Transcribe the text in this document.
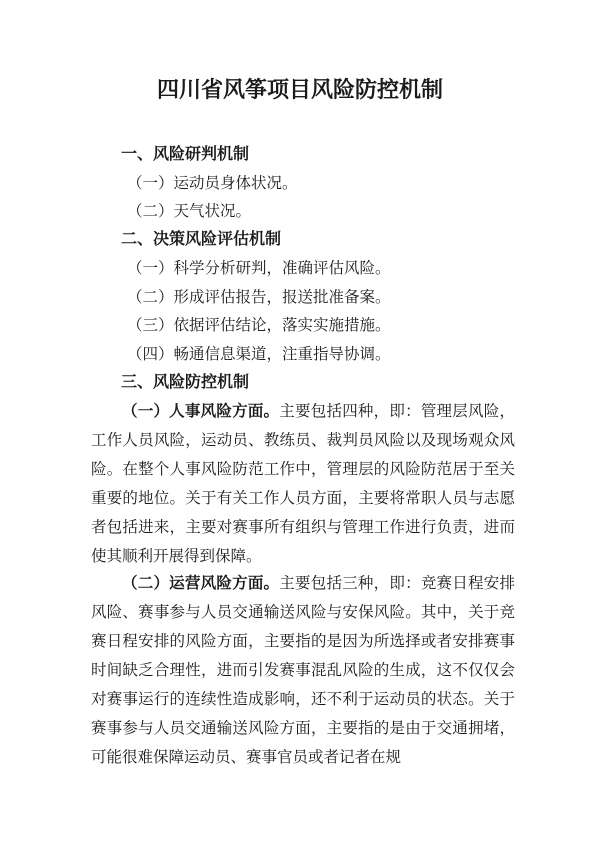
四川省风筝项目风险防控机制
一、风险研判机制
（一）运动员身体状况。
（二）天气状况。
二、决策风险评估机制
（一）科学分析研判，准确评估风险。
（二）形成评估报告，报送批准备案。
（三）依据评估结论，落实实施措施。
（四）畅通信息渠道，注重指导协调。
三、风险防控机制
（一）人事风险方面。主要包括四种，即：管理层风险，工作人员风险，运动员、教练员、裁判员风险以及现场观众风险。在整个人事风险防范工作中，管理层的风险防范居于至关重要的地位。关于有关工作人员方面，主要将常职人员与志愿者包括进来，主要对赛事所有组织与管理工作进行负责，进而使其顺利开展得到保障。
（二）运营风险方面。主要包括三种，即：竞赛日程安排风险、赛事参与人员交通输送风险与安保风险。其中，关于竞赛日程安排的风险方面，主要指的是因为所选择或者安排赛事时间缺乏合理性，进而引发赛事混乱风险的生成，这不仅仅会对赛事运行的连续性造成影响，还不利于运动员的状态。关于赛事参与人员交通输送风险方面，主要指的是由于交通拥堵，可能很难保障运动员、赛事官员或者记者在规
